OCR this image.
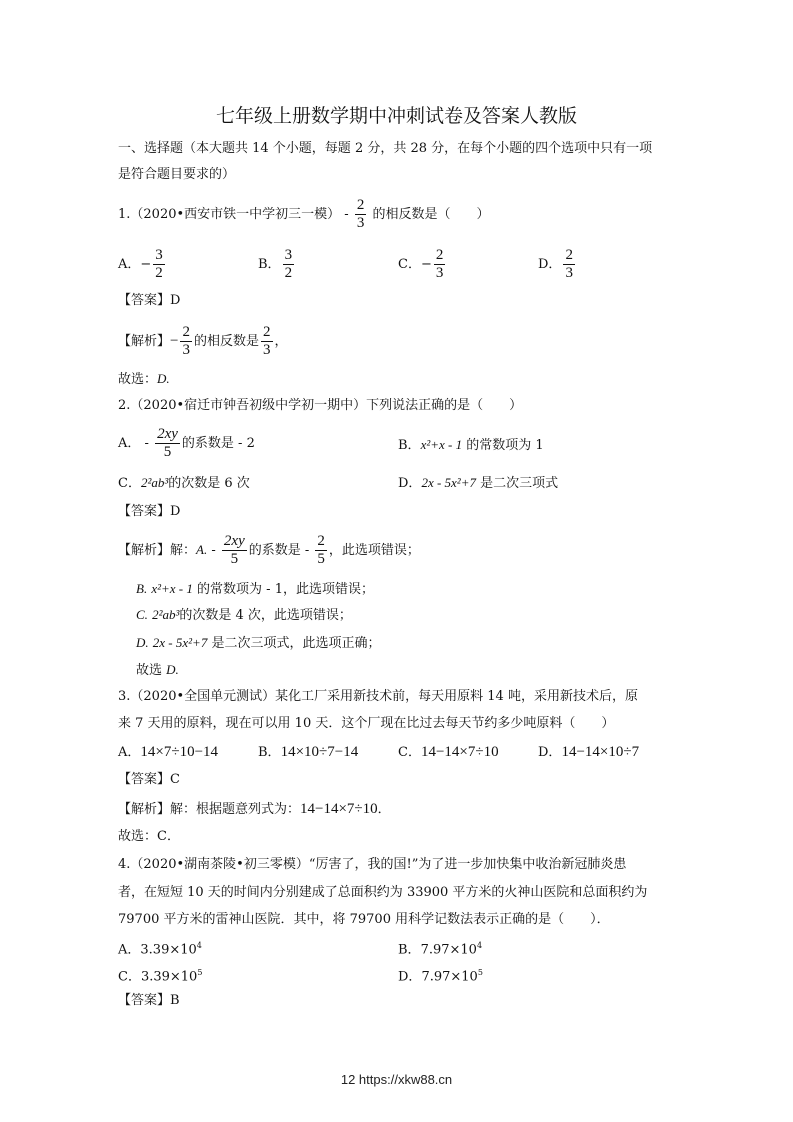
七年级上册数学期中冲刺试卷及答案人教版
一、选择题（本大题共 14 个小题，每题 2 分，共 28 分，在每个小题的四个选项中只有一项
是符合题目要求的）
1.（2020•西安市铁一中学初三一模） - $\frac{2}{3}$ 的相反数是（　　）
A．− $\frac{3}{2}$	B． $\frac{3}{2}$	C．− $\frac{2}{3}$	D． $\frac{2}{3}$
【答案】D
【解析】− $\frac{2}{3}$ 的相反数是 $\frac{2}{3}$ ，
故选：D.
2.（2020•宿迁市钟吾初级中学初一期中）下列说法正确的是（　　）
A． - $\frac{2xy}{5}$ 的系数是 - 2	B．x²+x - 1 的常数项为 1
C．2²ab³的次数是 6 次	D．2x - 5x²+7 是二次三项式
【答案】D
【解析】解：A. - $\frac{2xy}{5}$ 的系数是 - $\frac{2}{5}$ ，此选项错误；
B. x²+x - 1 的常数项为 - 1，此选项错误；
C. 2²ab³的次数是 4 次，此选项错误；
D. 2x - 5x²+7 是二次三项式，此选项正确；
故选 D.
3.（2020•全国单元测试）某化工厂采用新技术前，每天用原料 14 吨，采用新技术后，原
来 7 天用的原料，现在可以用 10 天．这个厂现在比过去每天节约多少吨原料（　　）
A．14×7÷10−14	B．14×10÷7−14	C．14−14×7÷10	D．14−14×10÷7
【答案】C
【解析】解：根据题意列式为：14−14×7÷10．
故选：C．
4.（2020•湖南茶陵•初三零模）“厉害了，我的国!”为了进一步加快集中收治新冠肺炎患
者，在短短 10 天的时间内分别建成了总面积约为 33900 平方米的火神山医院和总面积约为
79700 平方米的雷神山医院．其中，将 79700 用科学记数法表示正确的是（　　）．
A．$3.39\times 10^4$	B．$7.97\times 10^4$
C．$3.39\times 10^5$	D．$7.97\times 10^5$
【答案】B
12 https://xkw88.cn
